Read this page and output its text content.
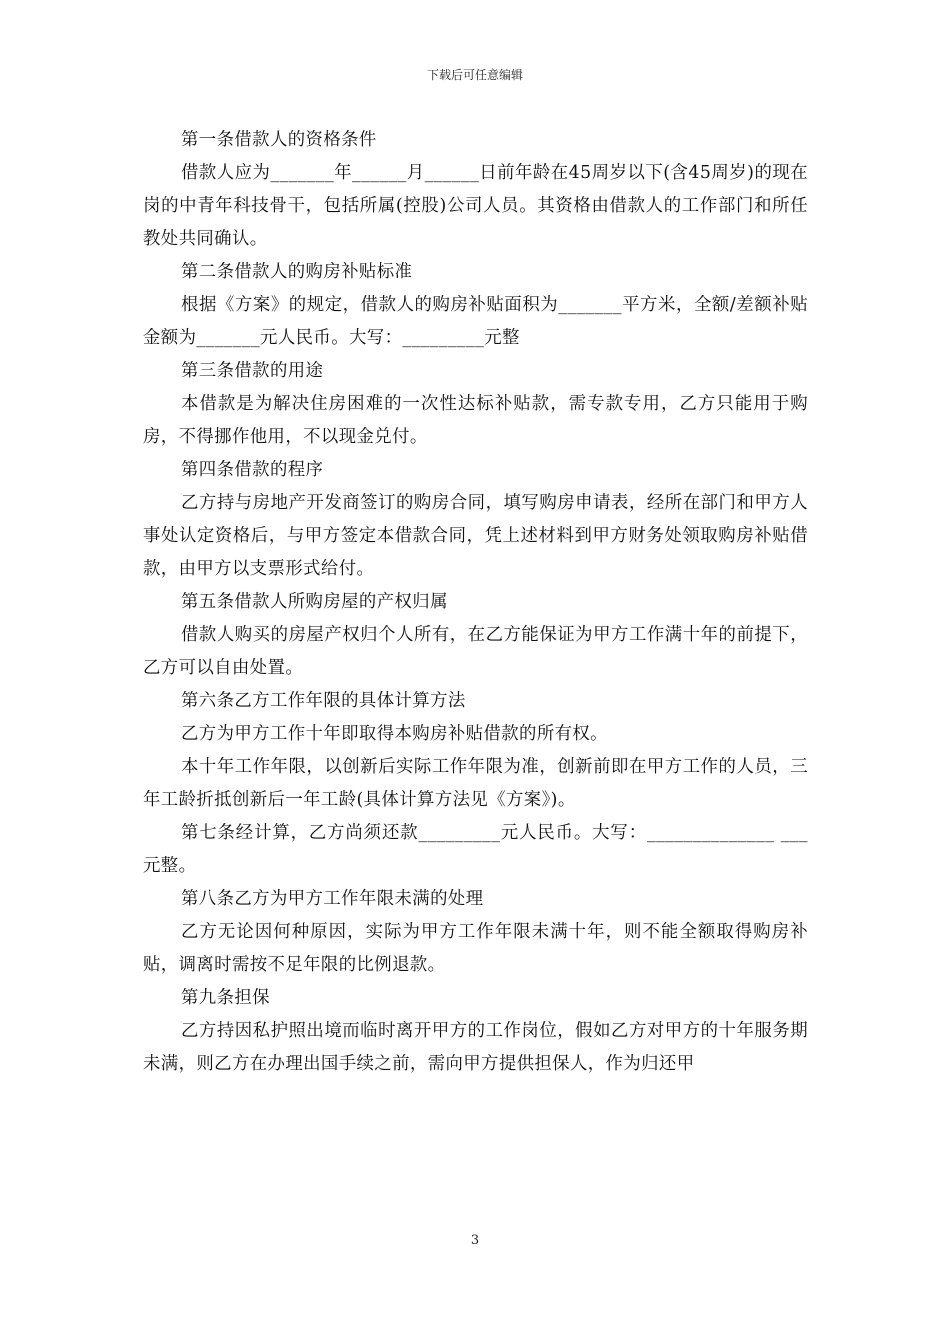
下载后可任意编辑

第一条借款人的资格条件

借款人应为_______年______月______日前年龄在45周岁以下(含45周岁)的现在岗的中青年科技骨干，包括所属(控股)公司人员。其资格由借款人的工作部门和所任教处共同确认。

第二条借款人的购房补贴标准

根据《方案》的规定，借款人的购房补贴面积为_______平方米，全额/差额补贴金额为_______元人民币。大写：_________元整

第三条借款的用途

本借款是为解决住房困难的一次性达标补贴款，需专款专用，乙方只能用于购房，不得挪作他用，不以现金兑付。

第四条借款的程序

乙方持与房地产开发商签订的购房合同，填写购房申请表，经所在部门和甲方人事处认定资格后，与甲方签定本借款合同，凭上述材料到甲方财务处领取购房补贴借款，由甲方以支票形式给付。

第五条借款人所购房屋的产权归属

借款人购买的房屋产权归个人所有，在乙方能保证为甲方工作满十年的前提下，乙方可以自由处置。

第六条乙方工作年限的具体计算方法

乙方为甲方工作十年即取得本购房补贴借款的所有权。

本十年工作年限，以创新后实际工作年限为准，创新前即在甲方工作的人员，三年工龄折抵创新后一年工龄(具体计算方法见《方案》)。

第七条经计算，乙方尚须还款_________元人民币。大写：______________ ___元整。

第八条乙方为甲方工作年限未满的处理

乙方无论因何种原因，实际为甲方工作年限未满十年，则不能全额取得购房补贴，调离时需按不足年限的比例退款。

第九条担保

乙方持因私护照出境而临时离开甲方的工作岗位，假如乙方对甲方的十年服务期未满，则乙方在办理出国手续之前，需向甲方提供担保人，作为归还甲

3
